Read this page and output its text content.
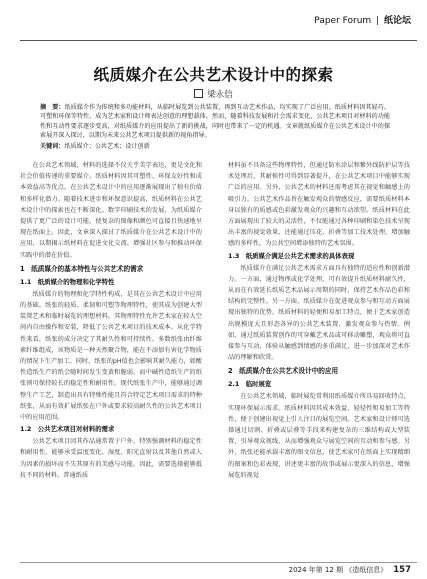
Paper Forum | 纸论坛
纸质媒介在公共艺术设计中的探索
梁永信
摘　要：纸质媒介作为传统和多功能材料，从临时展览到公共装置，再到互动艺术作品，均实现了广泛应用。纸质材料因其轻巧、可塑和环保等特性，成为艺术家和设计师表达创意的理想载体。然而，随着科技发展和社会需求变化，公共艺术项目对材料的功能性和互动性要求逐步变高，对纸质媒介的应用提出了新的挑战，同时也带来了一定的机遇。文章就纸质媒介在公共艺术设计中的探索展开深入探讨，以期为未来公共艺术项目提供新的视角指导。
关键词：纸质媒介；公共艺术；设计创新

在公共艺术领域，材料的选择不仅关乎美学表达，更是文化和社会价值传递的重要媒介。纸质材料因其可塑性、环保友好性和成本效益高等优点，在公共艺术设计中的应用逐渐展现出了独有价值和多样化潜力。随着技术进步和环保意识提高，纸质材料在公共艺术设计中的探索也在不断深化。数字印刷技术的发展，为纸质媒介提供了更广泛的设计可能，使复杂的图像和颜色可直接且快速地呈现在纸面上。因此，文章深入探讨了纸质媒介在公共艺术设计中的应用，以期揭示纸材料在促进文化交流、增强社区参与和推动环保实践中的潜在价值。

1　纸质媒介的基本特性与公共艺术的需求
1.1　纸质媒介的物理和化学特性

纸质媒介的物理和化学特性构成，是其在公共艺术设计中应用的基础。纸张的轻质、柔韧和可塑等物理特性，使其成为创建大型装置艺术和临时展览的理想材料。其物理特性允许艺术家在较大空间内自由操作和安装，降低了公共艺术项目的技术成本。从化学特性来看，纸张的成分决定了其耐久性和可持续性。多数纸张由纤维素纤维组成，该物质是一种天然聚合物，能在不添加有害化学物质的情况下生产加工。同时，纸张的pH值也会影响其耐久能力，如酸性造纸生产的纸会随时间发生变黄和脆弱，而中碱性造纸生产的纸张则可保持较长的稳定性和耐用性。现代纸张生产中，能够通过调整生产工艺，制造出具有特殊性能且符合特定艺术项目需求的特种纸张，从而有效扩展纸张在户外或要求较高耐久性的公共艺术项目中的应用范围。

1.2　公共艺术项目对材料的需求

公共艺术项目因其作品通常置于户外，特别强调材料的稳定性和耐用性，能够承受温度变化、湿度、阳光直射以及其他自然或人为因素的损坏而不失其原有的美感与功能。因此，需要选择能够抵抗不同的材料。普通纸质

材料虽不具备这些物理特性，但通过防水涂层和紫外线防护层等技术处理后，其耐候性可得到显著提升，在公共艺术项目中能够实现广泛的应用。另外，公共艺术的材料还需考虑其在视觉和触感上的吸引力。公共艺术作品旨在触发观众的情感反应，需要纸质材料本身以独有的质感或色彩激发观众的兴趣和互动欲望。纸质材料在此方面展现出了较大的灵活性，不仅能通过各种印刷和染色技术呈现出丰富的视觉效果，还能通过压花、折叠等加工技术处理，增加触感的多样性，为公共空间增添独特的艺术氛围。

1.3　纸质媒介满足公共艺术需求的具体表现

纸质媒介在满足公共艺术需求方面具有独特的适应性和创新潜力。一方面，通过物理或化学处理，可有效提升纸质材料耐久性，从而在有效延长纸质艺术品展示周期的同时，保持艺术作品色彩和结构的完整性。另一方面，纸质媒介在促进观众参与和互动方面展现出独特的优势。纸质材料的轻便和易加工特点，便于艺术家创造出规模庞大且形态各异的公共艺术装置，激发观众参与热情。例如，通过纸质装置创作的可穿戴艺术品或可移动雕塑，观众将可直接参与互动，体验从触感到情感的多重满足，进一步加深对艺术作品的理解和欣赏。

2　纸质媒介在公共艺术设计中的应用
2.1　临时展览

在公共艺术领域，临时展览常利用纸质媒介所具易回收特点，实现环保展示需求。纸质材料因其成本效益、轻径性和易加工等特性，便于创建出视觉上引人注目的展览空间。艺术家和设计师可选择通过切割、折叠或层叠等手段来构建复杂的三维结构或大型装置，引导观众视线，从而增强观众与展览空间的互动和参与感。另外，纸张还能承载丰富的图文信息，使艺术家可在纸面上实现精细的图案和色彩表现，讲述更丰富的故事或展示更深入的信息，增强展览的视觉

2024 年第 12 期 《造纸信息》 157
